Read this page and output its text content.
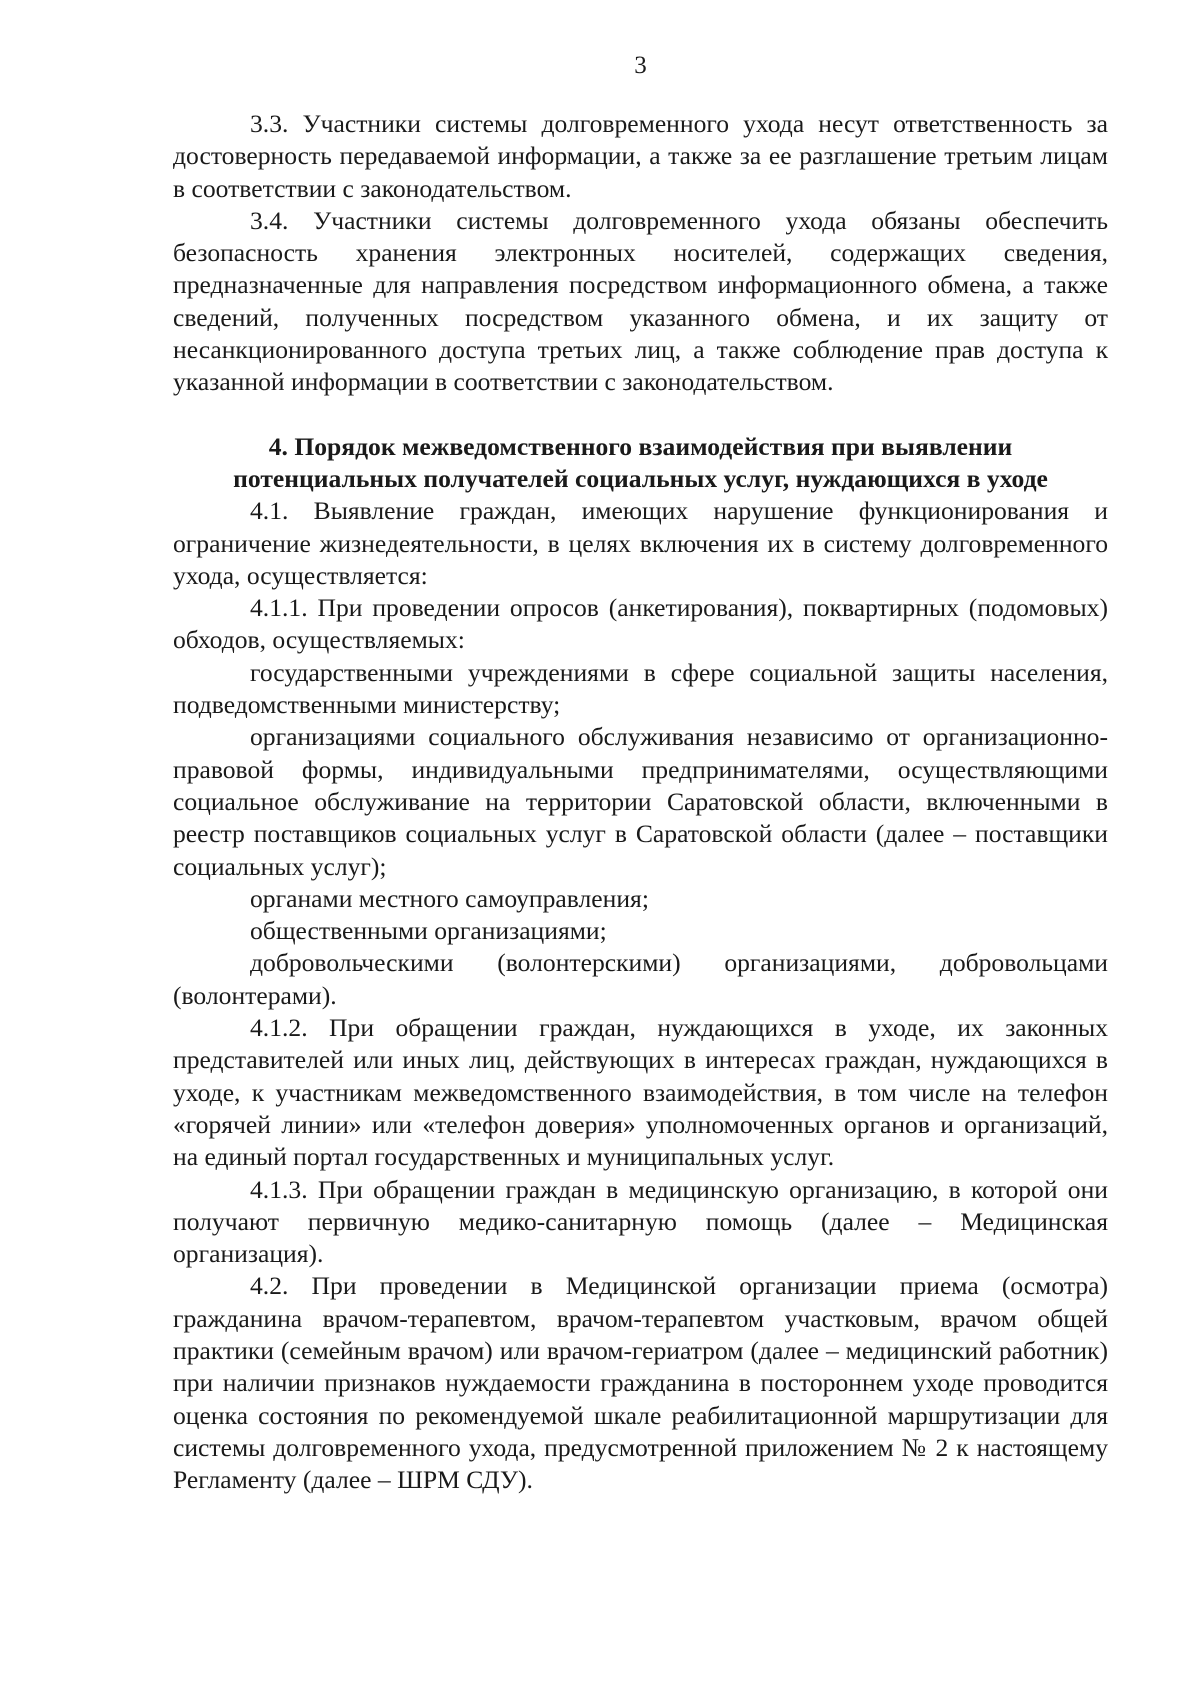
3

3.3. Участники системы долговременного ухода несут ответственность за достоверность передаваемой информации, а также за ее разглашение третьим лицам в соответствии с законодательством.

3.4. Участники системы долговременного ухода обязаны обеспечить безопасность хранения электронных носителей, содержащих сведения, предназначенные для направления посредством информационного обмена, а также сведений, полученных посредством указанного обмена, и их защиту от несанкционированного доступа третьих лиц, а также соблюдение прав доступа к указанной информации в соответствии с законодательством.

4. Порядок межведомственного взаимодействия при выявлении
потенциальных получателей социальных услуг, нуждающихся в уходе

4.1. Выявление граждан, имеющих нарушение функционирования и ограничение жизнедеятельности, в целях включения их в систему долговременного ухода, осуществляется:

4.1.1. При проведении опросов (анкетирования), поквартирных (подомовых) обходов, осуществляемых:

государственными учреждениями в сфере социальной защиты населения, подведомственными министерству;

организациями социального обслуживания независимо от организационно-правовой формы, индивидуальными предпринимателями, осуществляющими социальное обслуживание на территории Саратовской области, включенными в реестр поставщиков социальных услуг в Саратовской области (далее – поставщики социальных услуг);

органами местного самоуправления;

общественными организациями;

добровольческими (волонтерскими) организациями, добровольцами (волонтерами).

4.1.2. При обращении граждан, нуждающихся в уходе, их законных представителей или иных лиц, действующих в интересах граждан, нуждающихся в уходе, к участникам межведомственного взаимодействия, в том числе на телефон «горячей линии» или «телефон доверия» уполномоченных органов и организаций, на единый портал государственных и муниципальных услуг.

4.1.3. При обращении граждан в медицинскую организацию, в которой они получают первичную медико-санитарную помощь (далее – Медицинская организация).

4.2. При проведении в Медицинской организации приема (осмотра) гражданина врачом-терапевтом, врачом-терапевтом участковым, врачом общей практики (семейным врачом) или врачом-гериатром (далее – медицинский работник) при наличии признаков нуждаемости гражданина в постороннем уходе проводится оценка состояния по рекомендуемой шкале реабилитационной маршрутизации для системы долговременного ухода, предусмотренной приложением № 2 к настоящему Регламенту (далее – ШРМ СДУ).
